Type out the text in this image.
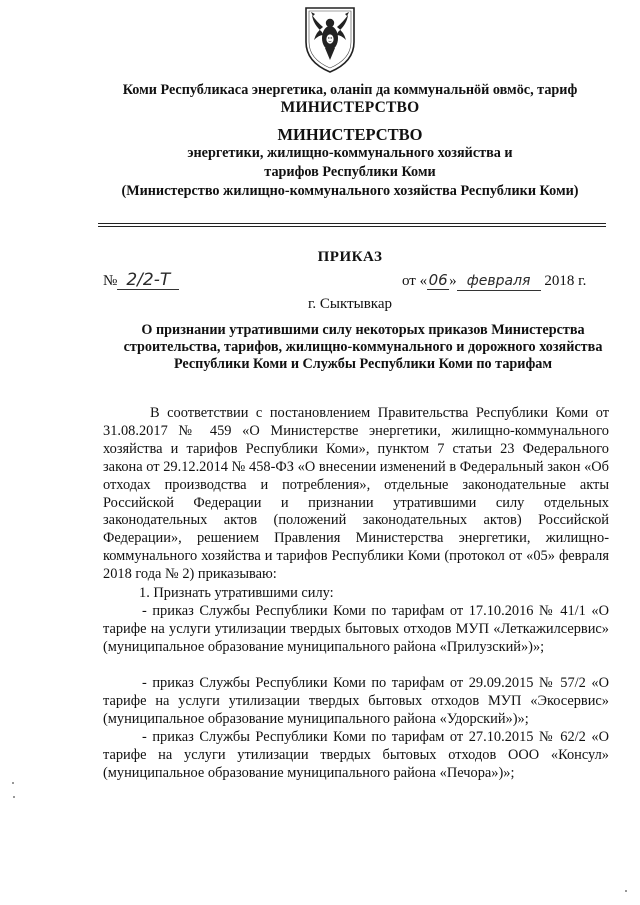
Коми Республикаса энергетика, оланiп да коммунальнöй овмöс, тариф
МИНИСТЕРСТВО
МИНИСТЕРСТВО
энергетики, жилищно-коммунального хозяйства и
тарифов Республики Коми
(Министерство жилищно-коммунального хозяйства Республики Коми)
ПРИКАЗ
№ 2/2-Т	от «06» февраля 2018 г.
г. Сыктывкар
О признании утратившими силу некоторых приказов Министерства строительства, тарифов, жилищно-коммунального и дорожного хозяйства Республики Коми и Службы Республики Коми по тарифам
В соответствии с постановлением Правительства Республики Коми от 31.08.2017 № 459 «О Министерстве энергетики, жилищно-коммунального хозяйства и тарифов Республики Коми», пунктом 7 статьи 23 Федерального закона от 29.12.2014 № 458-ФЗ «О внесении изменений в Федеральный закон «Об отходах производства и потребления», отдельные законодательные акты Российской Федерации и признании утратившими силу отдельных законодательных актов (положений законодательных актов) Российской Федерации», решением Правления Министерства энергетики, жилищно-коммунального хозяйства и тарифов Республики Коми (протокол от «05» февраля 2018 года № 2) приказываю:
1. Признать утратившими силу:
- приказ Службы Республики Коми по тарифам от 17.10.2016 № 41/1 «О тарифе на услуги утилизации твердых бытовых отходов МУП «Леткажилсервис» (муниципальное образование муниципального района «Прилузский»)»;
- приказ Службы Республики Коми по тарифам от 29.09.2015 № 57/2 «О тарифе на услуги утилизации твердых бытовых отходов МУП «Экосервис» (муниципальное образование муниципального района «Удорский»)»;
- приказ Службы Республики Коми по тарифам от 27.10.2015 № 62/2 «О тарифе на услуги утилизации твердых бытовых отходов ООО «Консул» (муниципальное образование муниципального района «Печора»)»;
